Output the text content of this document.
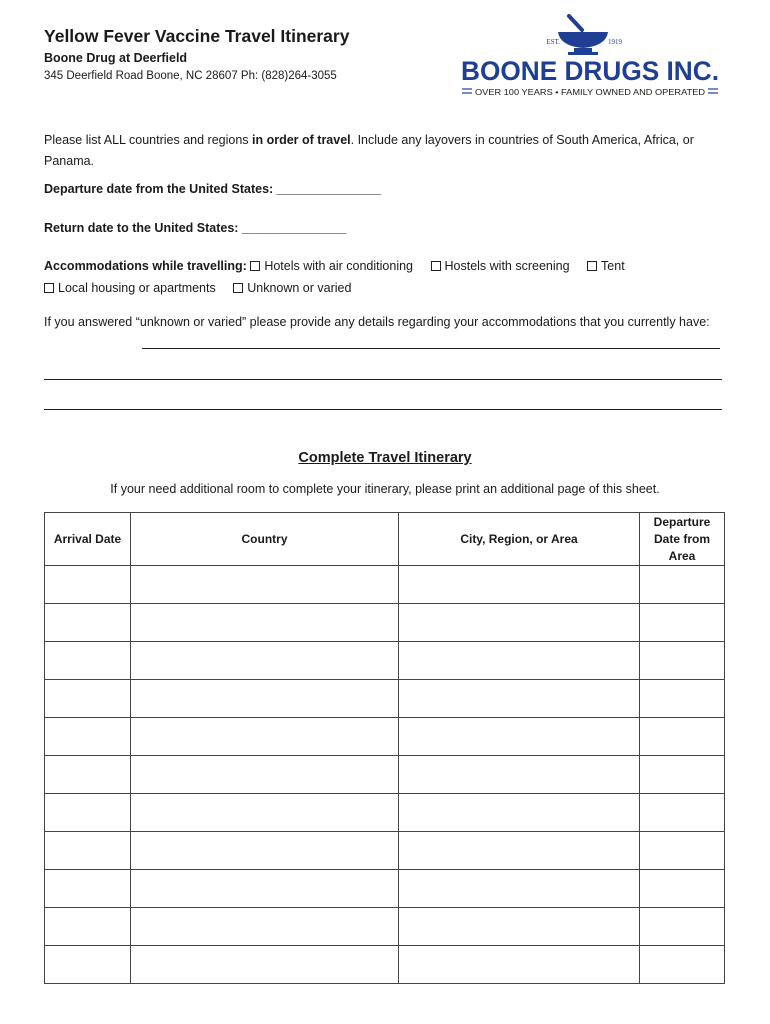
Yellow Fever Vaccine Travel Itinerary
Boone Drug at Deerfield
345 Deerfield Road Boone, NC 28607 Ph: (828)264-3055
EST.	1919
BOONE DRUGS INC.
OVER 100 YEARS • FAMILY OWNED AND OPERATED
Please list ALL countries and regions in order of travel. Include any layovers in countries of South America, Africa, or Panama.
Departure date from the United States: _______________
Return date to the United States: _______________
Accommodations while travelling: Hotels with air conditioning	Hostels with screening	Tent
Local housing or apartments	Unknown or varied
If you answered “unknown or varied” please provide any details regarding your accommodations that you currently have:
Complete Travel Itinerary
If your need additional room to complete your itinerary, please print an additional page of this sheet.
Arrival Date	Country	City, Region, or Area	Departure Date from Area
